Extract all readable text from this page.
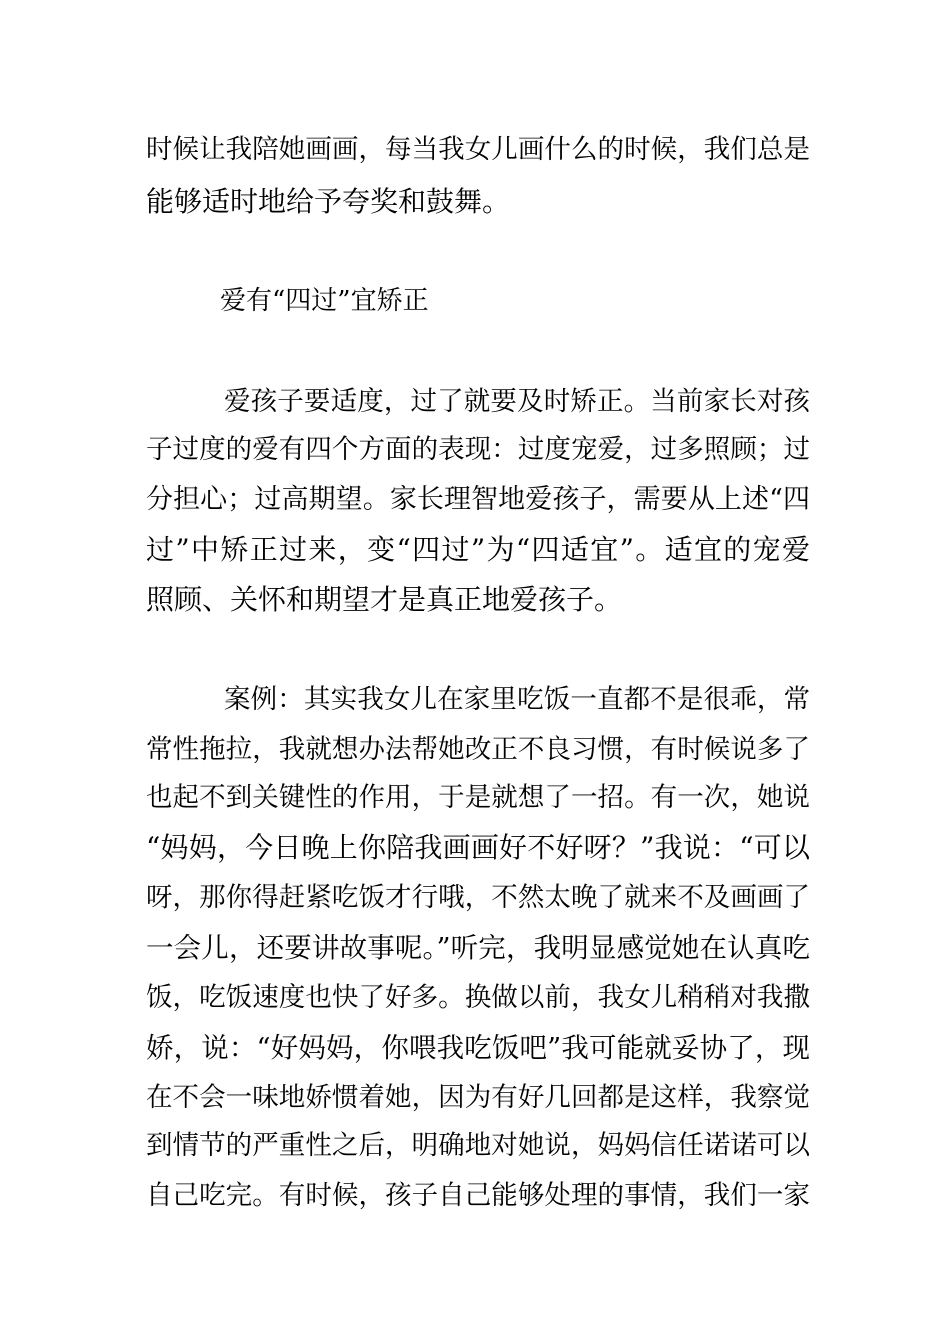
时候让我陪她画画，每当我女儿画什么的时候，我们总是
能够适时地给予夸奖和鼓舞。
爱有“四过”宜矫正
爱孩子要适度，过了就要及时矫正。当前家长对孩
子过度的爱有四个方面的表现：过度宠爱，过多照顾；过
分担心；过高期望。家长理智地爱孩子，需要从上述“四
过”中矫正过来，变“四过”为“四适宜”。适宜的宠爱
照顾、关怀和期望才是真正地爱孩子。
案例：其实我女儿在家里吃饭一直都不是很乖，常
常性拖拉，我就想办法帮她改正不良习惯，有时候说多了
也起不到关键性的作用，于是就想了一招。有一次，她说
“妈妈，今日晚上你陪我画画好不好呀？”我说：“可以
呀，那你得赶紧吃饭才行哦，不然太晚了就来不及画画了
一会儿，还要讲故事呢。”听完，我明显感觉她在认真吃
饭，吃饭速度也快了好多。换做以前，我女儿稍稍对我撒
娇，说：“好妈妈，你喂我吃饭吧”我可能就妥协了，现
在不会一味地娇惯着她，因为有好几回都是这样，我察觉
到情节的严重性之后，明确地对她说，妈妈信任诺诺可以
自己吃完。有时候，孩子自己能够处理的事情，我们一家
